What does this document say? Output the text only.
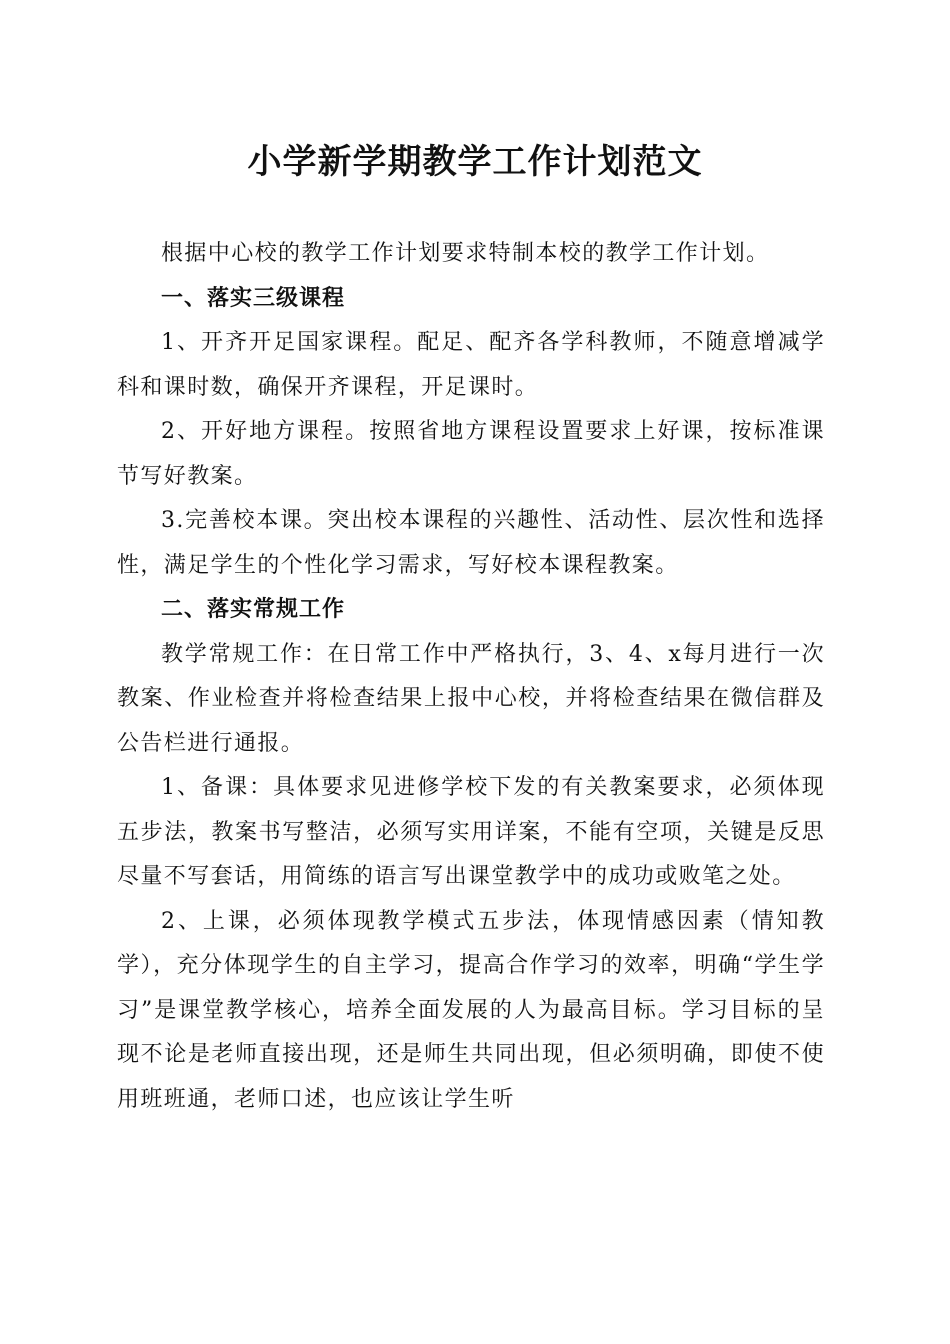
小学新学期教学工作计划范文

根据中心校的教学工作计划要求特制本校的教学工作计划。

一、落实三级课程

1、开齐开足国家课程。配足、配齐各学科教师，不随意增减学科和课时数，确保开齐课程，开足课时。

2、开好地方课程。按照省地方课程设置要求上好课，按标准课节写好教案。

3.完善校本课。突出校本课程的兴趣性、活动性、层次性和选择性，满足学生的个性化学习需求，写好校本课程教案。

二、落实常规工作

教学常规工作：在日常工作中严格执行，3、4、x每月进行一次教案、作业检查并将检查结果上报中心校，并将检查结果在微信群及公告栏进行通报。

1、备课：具体要求见进修学校下发的有关教案要求，必须体现五步法，教案书写整洁，必须写实用详案，不能有空项，关键是反思尽量不写套话，用简练的语言写出课堂教学中的成功或败笔之处。

2、上课，必须体现教学模式五步法，体现情感因素（情知教学），充分体现学生的自主学习，提高合作学习的效率，明确“学生学习”是课堂教学核心，培养全面发展的人为最高目标。学习目标的呈现不论是老师直接出现，还是师生共同出现，但必须明确，即使不使用班班通，老师口述，也应该让学生听
